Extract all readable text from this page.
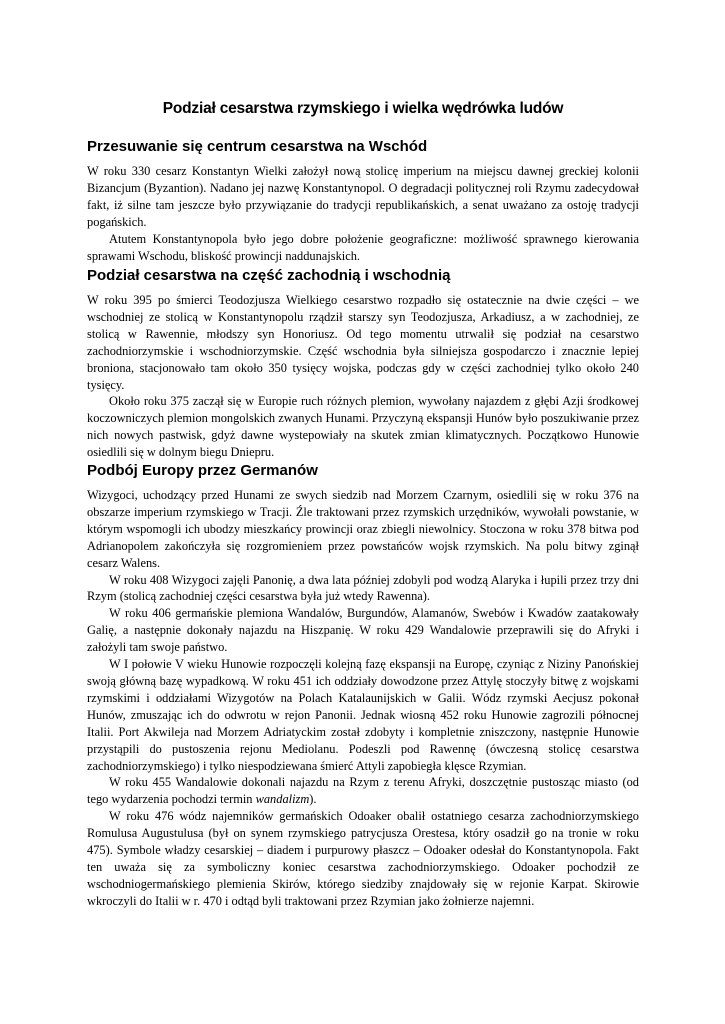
Podział cesarstwa rzymskiego i wielka wędrówka ludów
Przesuwanie się centrum cesarstwa na Wschód

W roku 330 cesarz Konstantyn Wielki założył nową stolicę imperium na miejscu dawnej greckiej kolonii Bizancjum (Byzantion). Nadano jej nazwę Konstantynopol. O degradacji politycznej roli Rzymu zadecydował fakt, iż silne tam jeszcze było przywiązanie do tradycji republikańskich, a senat uważano za ostoję tradycji pogańskich.

Atutem Konstantynopola było jego dobre położenie geograficzne: możliwość sprawnego kierowania sprawami Wschodu, bliskość prowincji naddunajskich.

Podział cesarstwa na część zachodnią i wschodnią

W roku 395 po śmierci Teodozjusza Wielkiego cesarstwo rozpadło się ostatecznie na dwie części – we wschodniej ze stolicą w Konstantynopolu rządził starszy syn Teodozjusza, Arkadiusz, a w zachodniej, ze stolicą w Rawennie, młodszy syn Honoriusz. Od tego momentu utrwalił się podział na cesarstwo zachodniorzymskie i wschodniorzymskie. Część wschodnia była silniejsza gospodarczo i znacznie lepiej broniona, stacjonowało tam około 350 tysięcy wojska, podczas gdy w części zachodniej tylko około 240 tysięcy.

Około roku 375 zaczął się w Europie ruch różnych plemion, wywołany najazdem z głębi Azji środkowej koczowniczych plemion mongolskich zwanych Hunami. Przyczyną ekspansji Hunów było poszukiwanie przez nich nowych pastwisk, gdyż dawne wystepowiały na skutek zmian klimatycznych. Początkowo Hunowie osiedlili się w dolnym biegu Dniepru.

Podbój Europy przez Germanów

Wizygoci, uchodzący przed Hunami ze swych siedzib nad Morzem Czarnym, osiedlili się w roku 376 na obszarze imperium rzymskiego w Tracji. Źle traktowani przez rzymskich urzędników, wywołali powstanie, w którym wspomogli ich ubodzy mieszkańcy prowincji oraz zbiegli niewolnicy. Stoczona w roku 378 bitwa pod Adrianopolem zakończyła się rozgromieniem przez powstańców wojsk rzymskich. Na polu bitwy zginął cesarz Walens.

W roku 408 Wizygoci zajęli Panonię, a dwa lata później zdobyli pod wodzą Alaryka i łupili przez trzy dni Rzym (stolicą zachodniej części cesarstwa była już wtedy Rawenna).

W roku 406 germańskie plemiona Wandalów, Burgundów, Alamanów, Swebów i Kwadów zaatakowały Galię, a następnie dokonały najazdu na Hiszpanię. W roku 429 Wandalowie przeprawili się do Afryki i założyli tam swoje państwo.

W I połowie V wieku Hunowie rozpoczęli kolejną fazę ekspansji na Europę, czyniąc z Niziny Panońskiej swoją główną bazę wypadkową. W roku 451 ich oddziały dowodzone przez Attylę stoczyły bitwę z wojskami rzymskimi i oddziałami Wizygotów na Polach Katalaunijskich w Galii. Wódz rzymski Aecjusz pokonał Hunów, zmuszając ich do odwrotu w rejon Panonii. Jednak wiosną 452 roku Hunowie zagrozili północnej Italii. Port Akwileja nad Morzem Adriatyckim został zdobyty i kompletnie zniszczony, następnie Hunowie przystąpili do pustoszenia rejonu Mediolanu. Podeszli pod Rawennę (ówczesną stolicę cesarstwa zachodniorzymskiego) i tylko niespodziewana śmierć Attyli zapobiegła klęsce Rzymian.

W roku 455 Wandalowie dokonali najazdu na Rzym z terenu Afryki, doszczętnie pustosząc miasto (od tego wydarzenia pochodzi termin wandalizm).

W roku 476 wódz najemników germańskich Odoaker obalił ostatniego cesarza zachodniorzymskiego Romulusa Augustulusa (był on synem rzymskiego patrycjusza Orestesa, który osadził go na tronie w roku 475). Symbole władzy cesarskiej – diadem i purpurowy płaszcz – Odoaker odesłał do Konstantynopola. Fakt ten uważa się za symboliczny koniec cesarstwa zachodniorzymskiego. Odoaker pochodził ze wschodniogermańskiego plemienia Skirów, którego siedziby znajdowały się w rejonie Karpat. Skirowie wkroczyli do Italii w r. 470 i odtąd byli traktowani przez Rzymian jako żołnierze najemni.
